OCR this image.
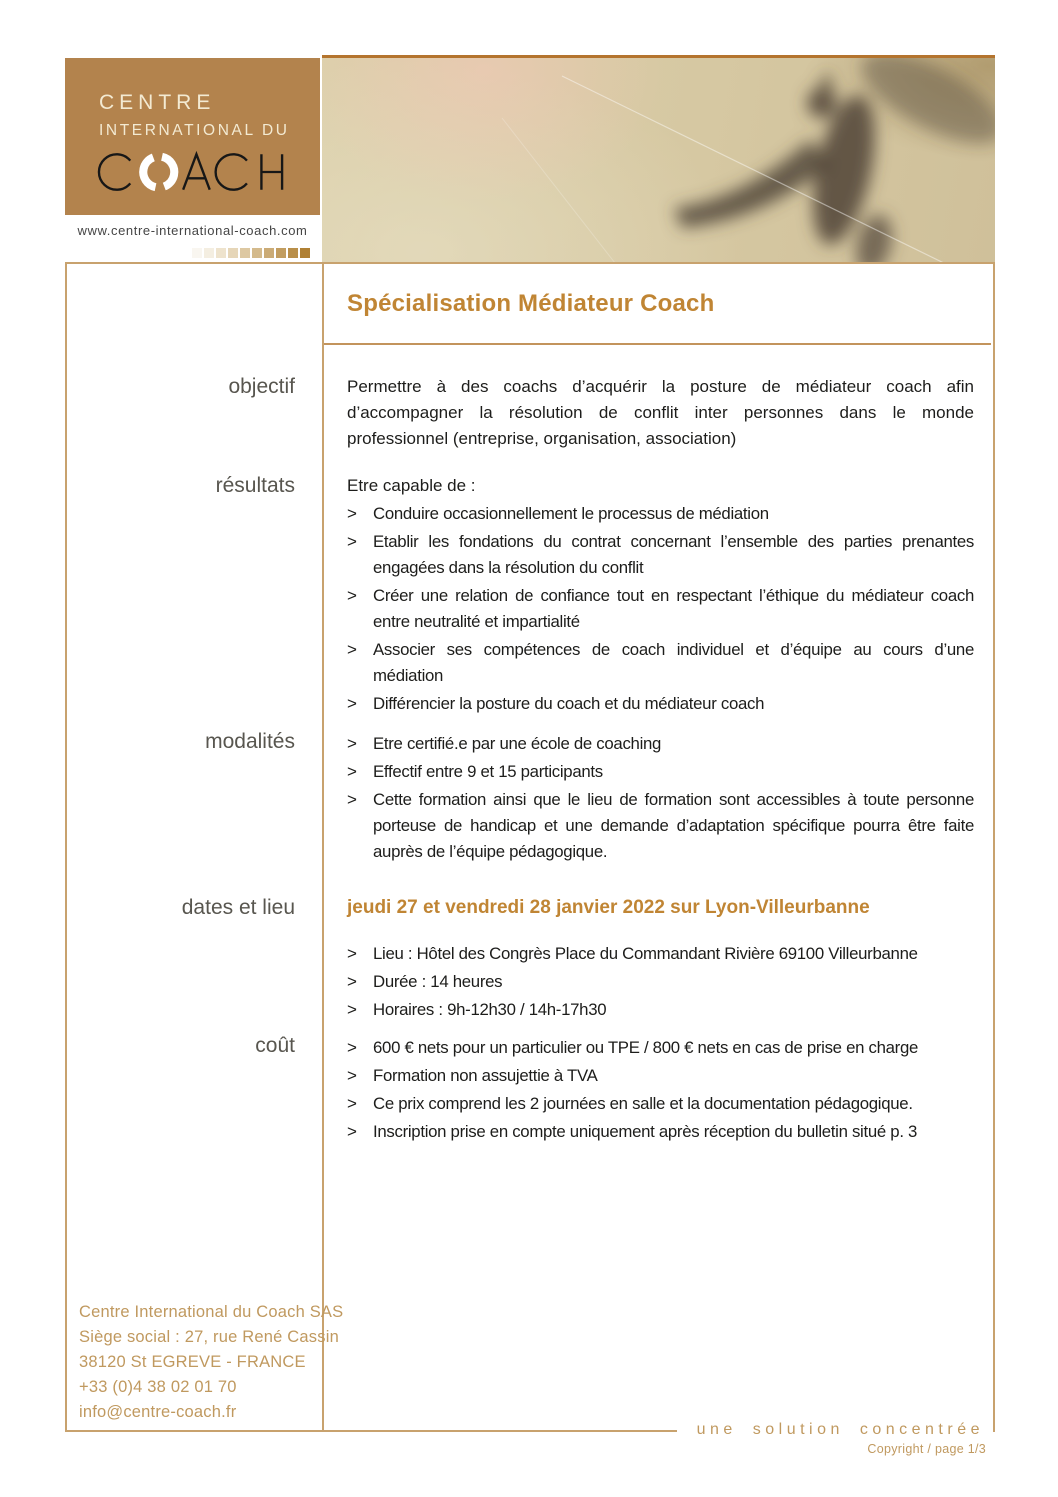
CENTRE
INTERNATIONAL DU
www.centre-international-coach.com
Spécialisation Médiateur Coach
objectif	Permettre à des coachs d’acquérir la posture de médiateur coach afin d’accompagner la résolution de conflit inter personnes dans le monde professionnel (entreprise, organisation, association)

résultats	Etre capable de :

> Conduire occasionnellement le processus de médiation
> Etablir les fondations du contrat concernant l’ensemble des parties prenantes engagées dans la résolution du conflit
> Créer une relation de confiance tout en respectant l’éthique du médiateur coach entre neutralité et impartialité
> Associer ses compétences de coach individuel et d’équipe au cours d’une médiation
> Différencier la posture du coach et du médiateur coach
modalités	> Etre certifié.e par une école de coaching
> Effectif entre 9 et 15 participants
> Cette formation ainsi que le lieu de formation sont accessibles à toute personne porteuse de handicap et une demande d’adaptation spécifique pourra être faite auprès de l’équipe pédagogique.
dates et lieu	jeudi 27 et vendredi 28 janvier 2022 sur Lyon-Villeurbanne

> Lieu : Hôtel des Congrès Place du Commandant Rivière 69100 Villeurbanne
> Durée : 14 heures
> Horaires : 9h-12h30 / 14h-17h30
coût	> 600 € nets pour un particulier ou TPE / 800 € nets en cas de prise en charge
> Formation non assujettie à TVA
> Ce prix comprend les 2 journées en salle et la documentation pédagogique.
> Inscription prise en compte uniquement après réception du bulletin situé p. 3
Centre International du Coach SAS
Siège social : 27, rue René Cassin
38120 St EGREVE - FRANCE
+33 (0)4 38 02 01 70
info@centre-coach.fr
une solution concentrée
Copyright / page 1/3
